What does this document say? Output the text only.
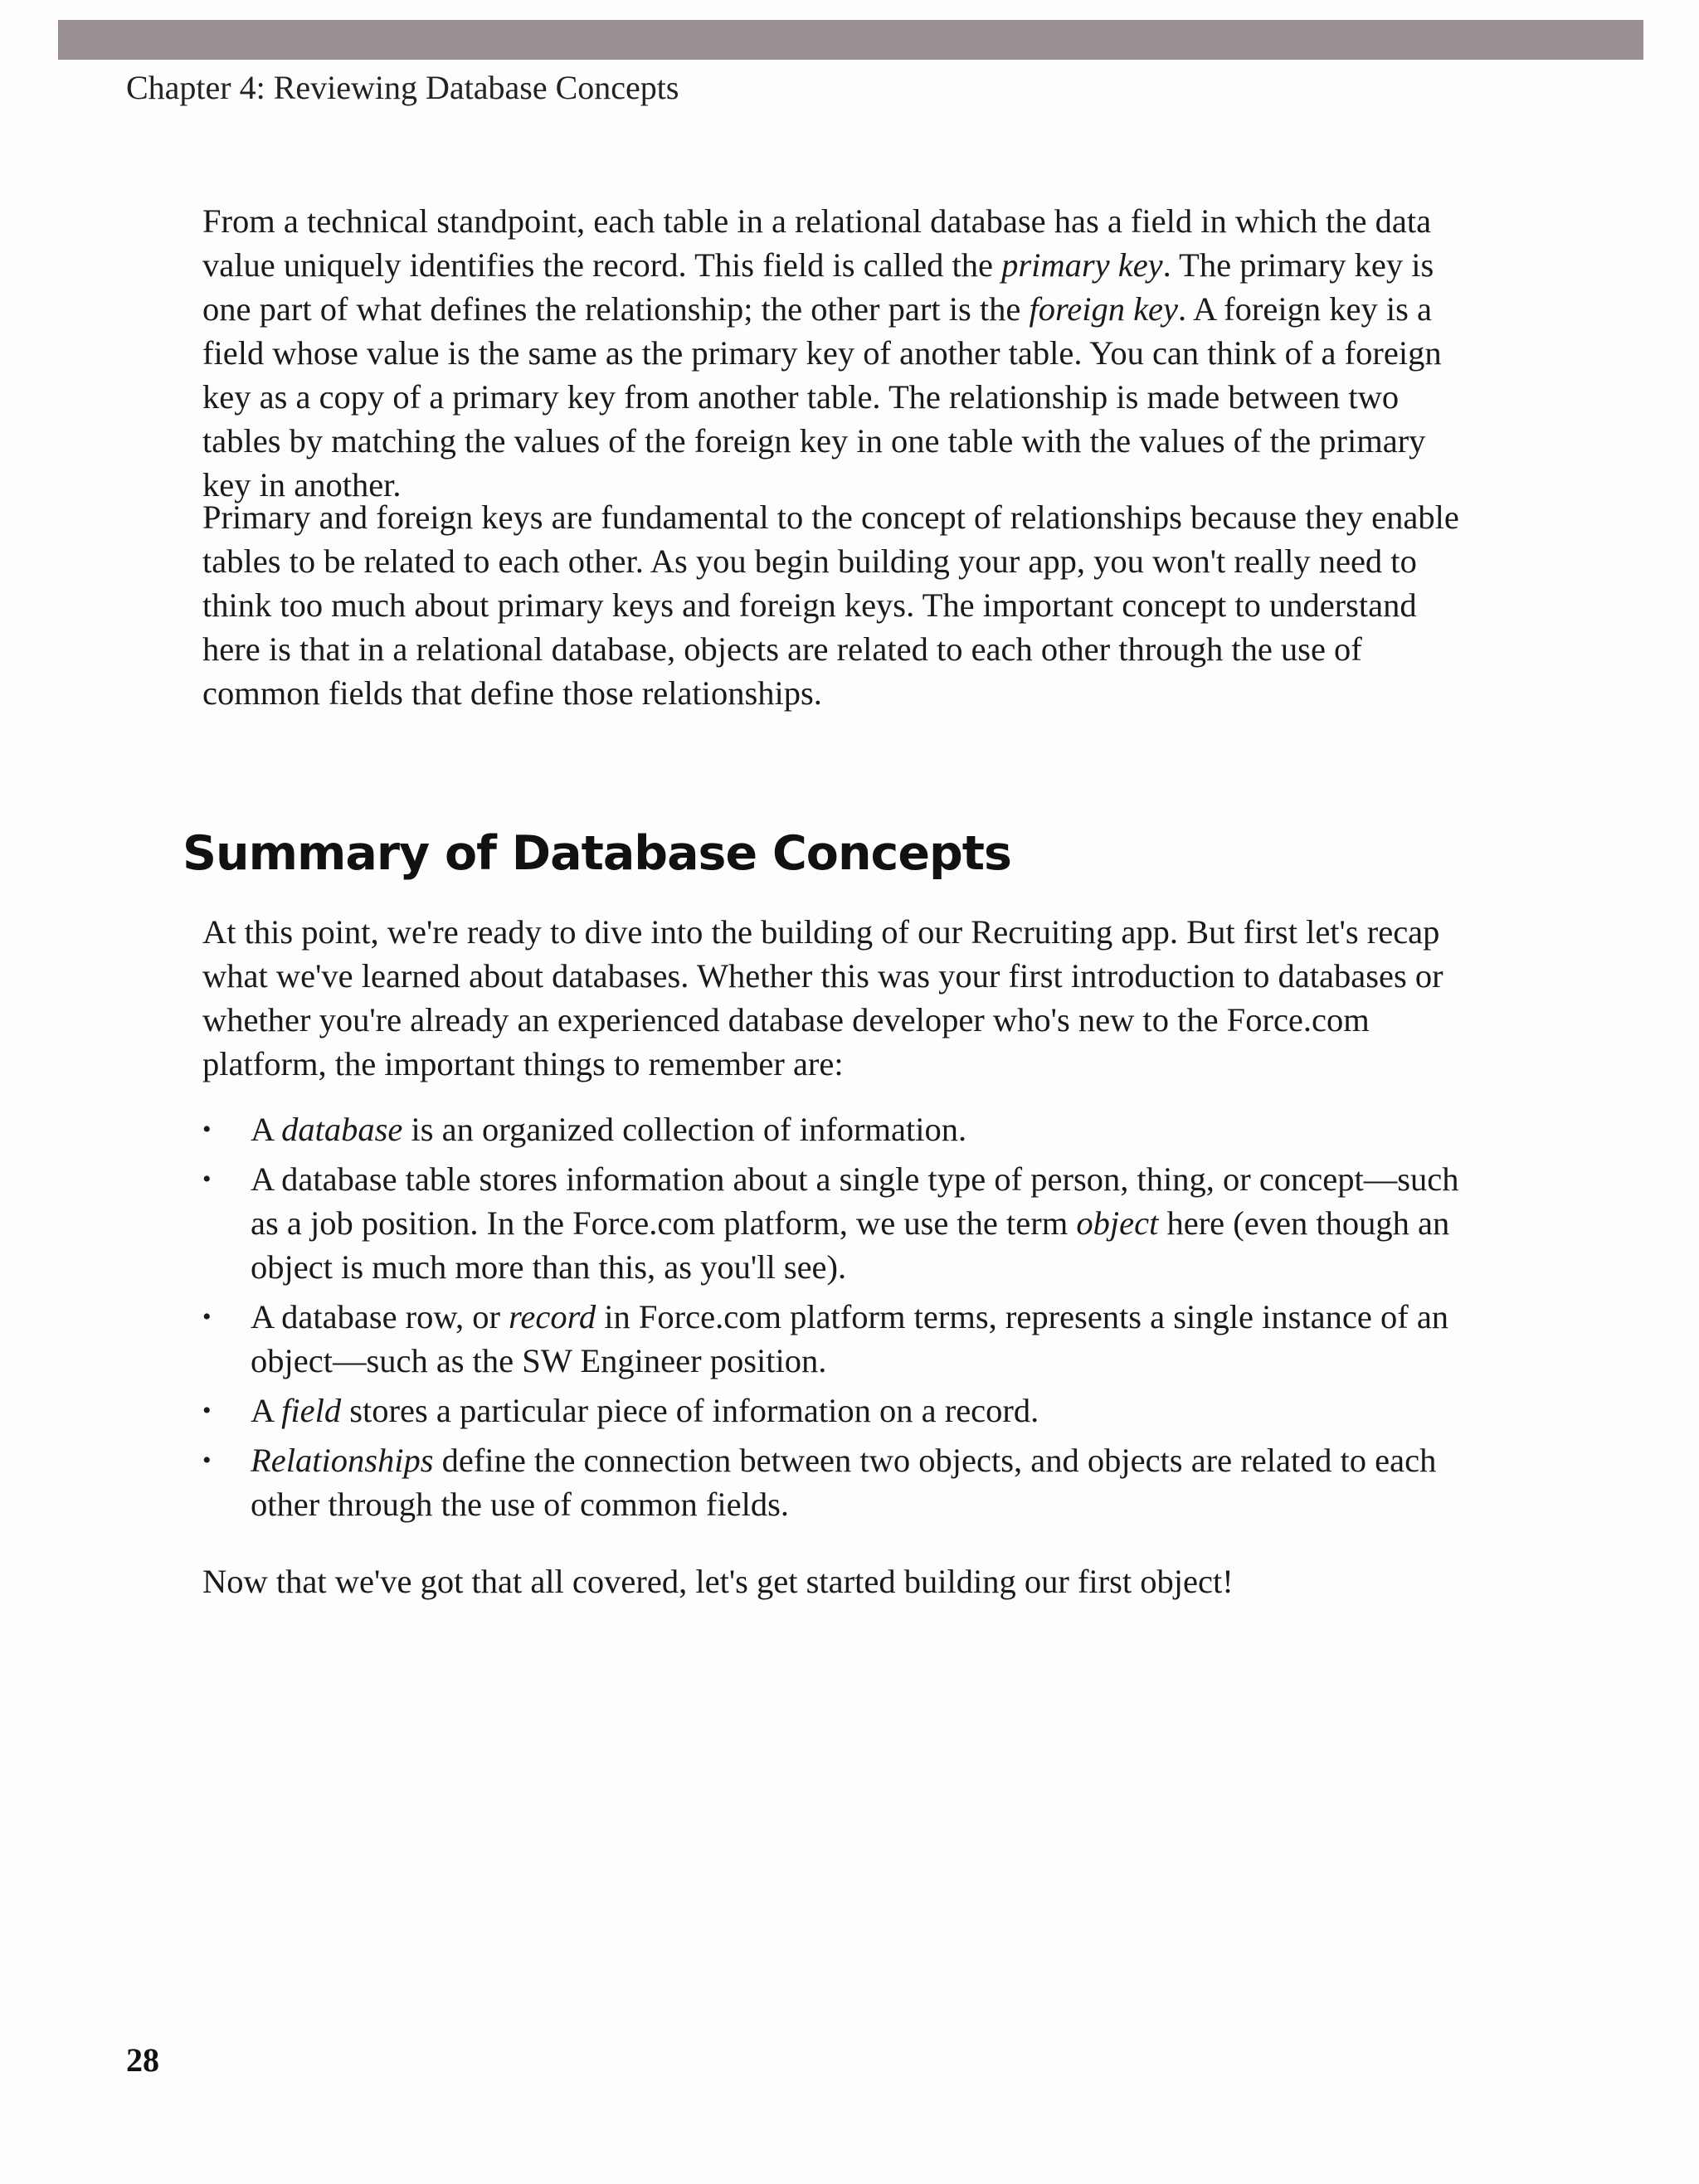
Chapter 4: Reviewing Database Concepts

From a technical standpoint, each table in a relational database has a field in which the data value uniquely identifies the record. This field is called the primary key. The primary key is one part of what defines the relationship; the other part is the foreign key. A foreign key is a field whose value is the same as the primary key of another table. You can think of a foreign key as a copy of a primary key from another table. The relationship is made between two tables by matching the values of the foreign key in one table with the values of the primary key in another.

Primary and foreign keys are fundamental to the concept of relationships because they enable tables to be related to each other. As you begin building your app, you won't really need to think too much about primary keys and foreign keys. The important concept to understand here is that in a relational database, objects are related to each other through the use of common fields that define those relationships.

Summary of Database Concepts

At this point, we're ready to dive into the building of our Recruiting app. But first let's recap what we've learned about databases. Whether this was your first introduction to databases or whether you're already an experienced database developer who's new to the Force.com platform, the important things to remember are:

• A database is an organized collection of information.
• A database table stores information about a single type of person, thing, or concept—such as a job position. In the Force.com platform, we use the term object here (even though an object is much more than this, as you'll see).
• A database row, or record in Force.com platform terms, represents a single instance of an object—such as the SW Engineer position.
• A field stores a particular piece of information on a record.
• Relationships define the connection between two objects, and objects are related to each other through the use of common fields.

Now that we've got that all covered, let's get started building our first object!

28
